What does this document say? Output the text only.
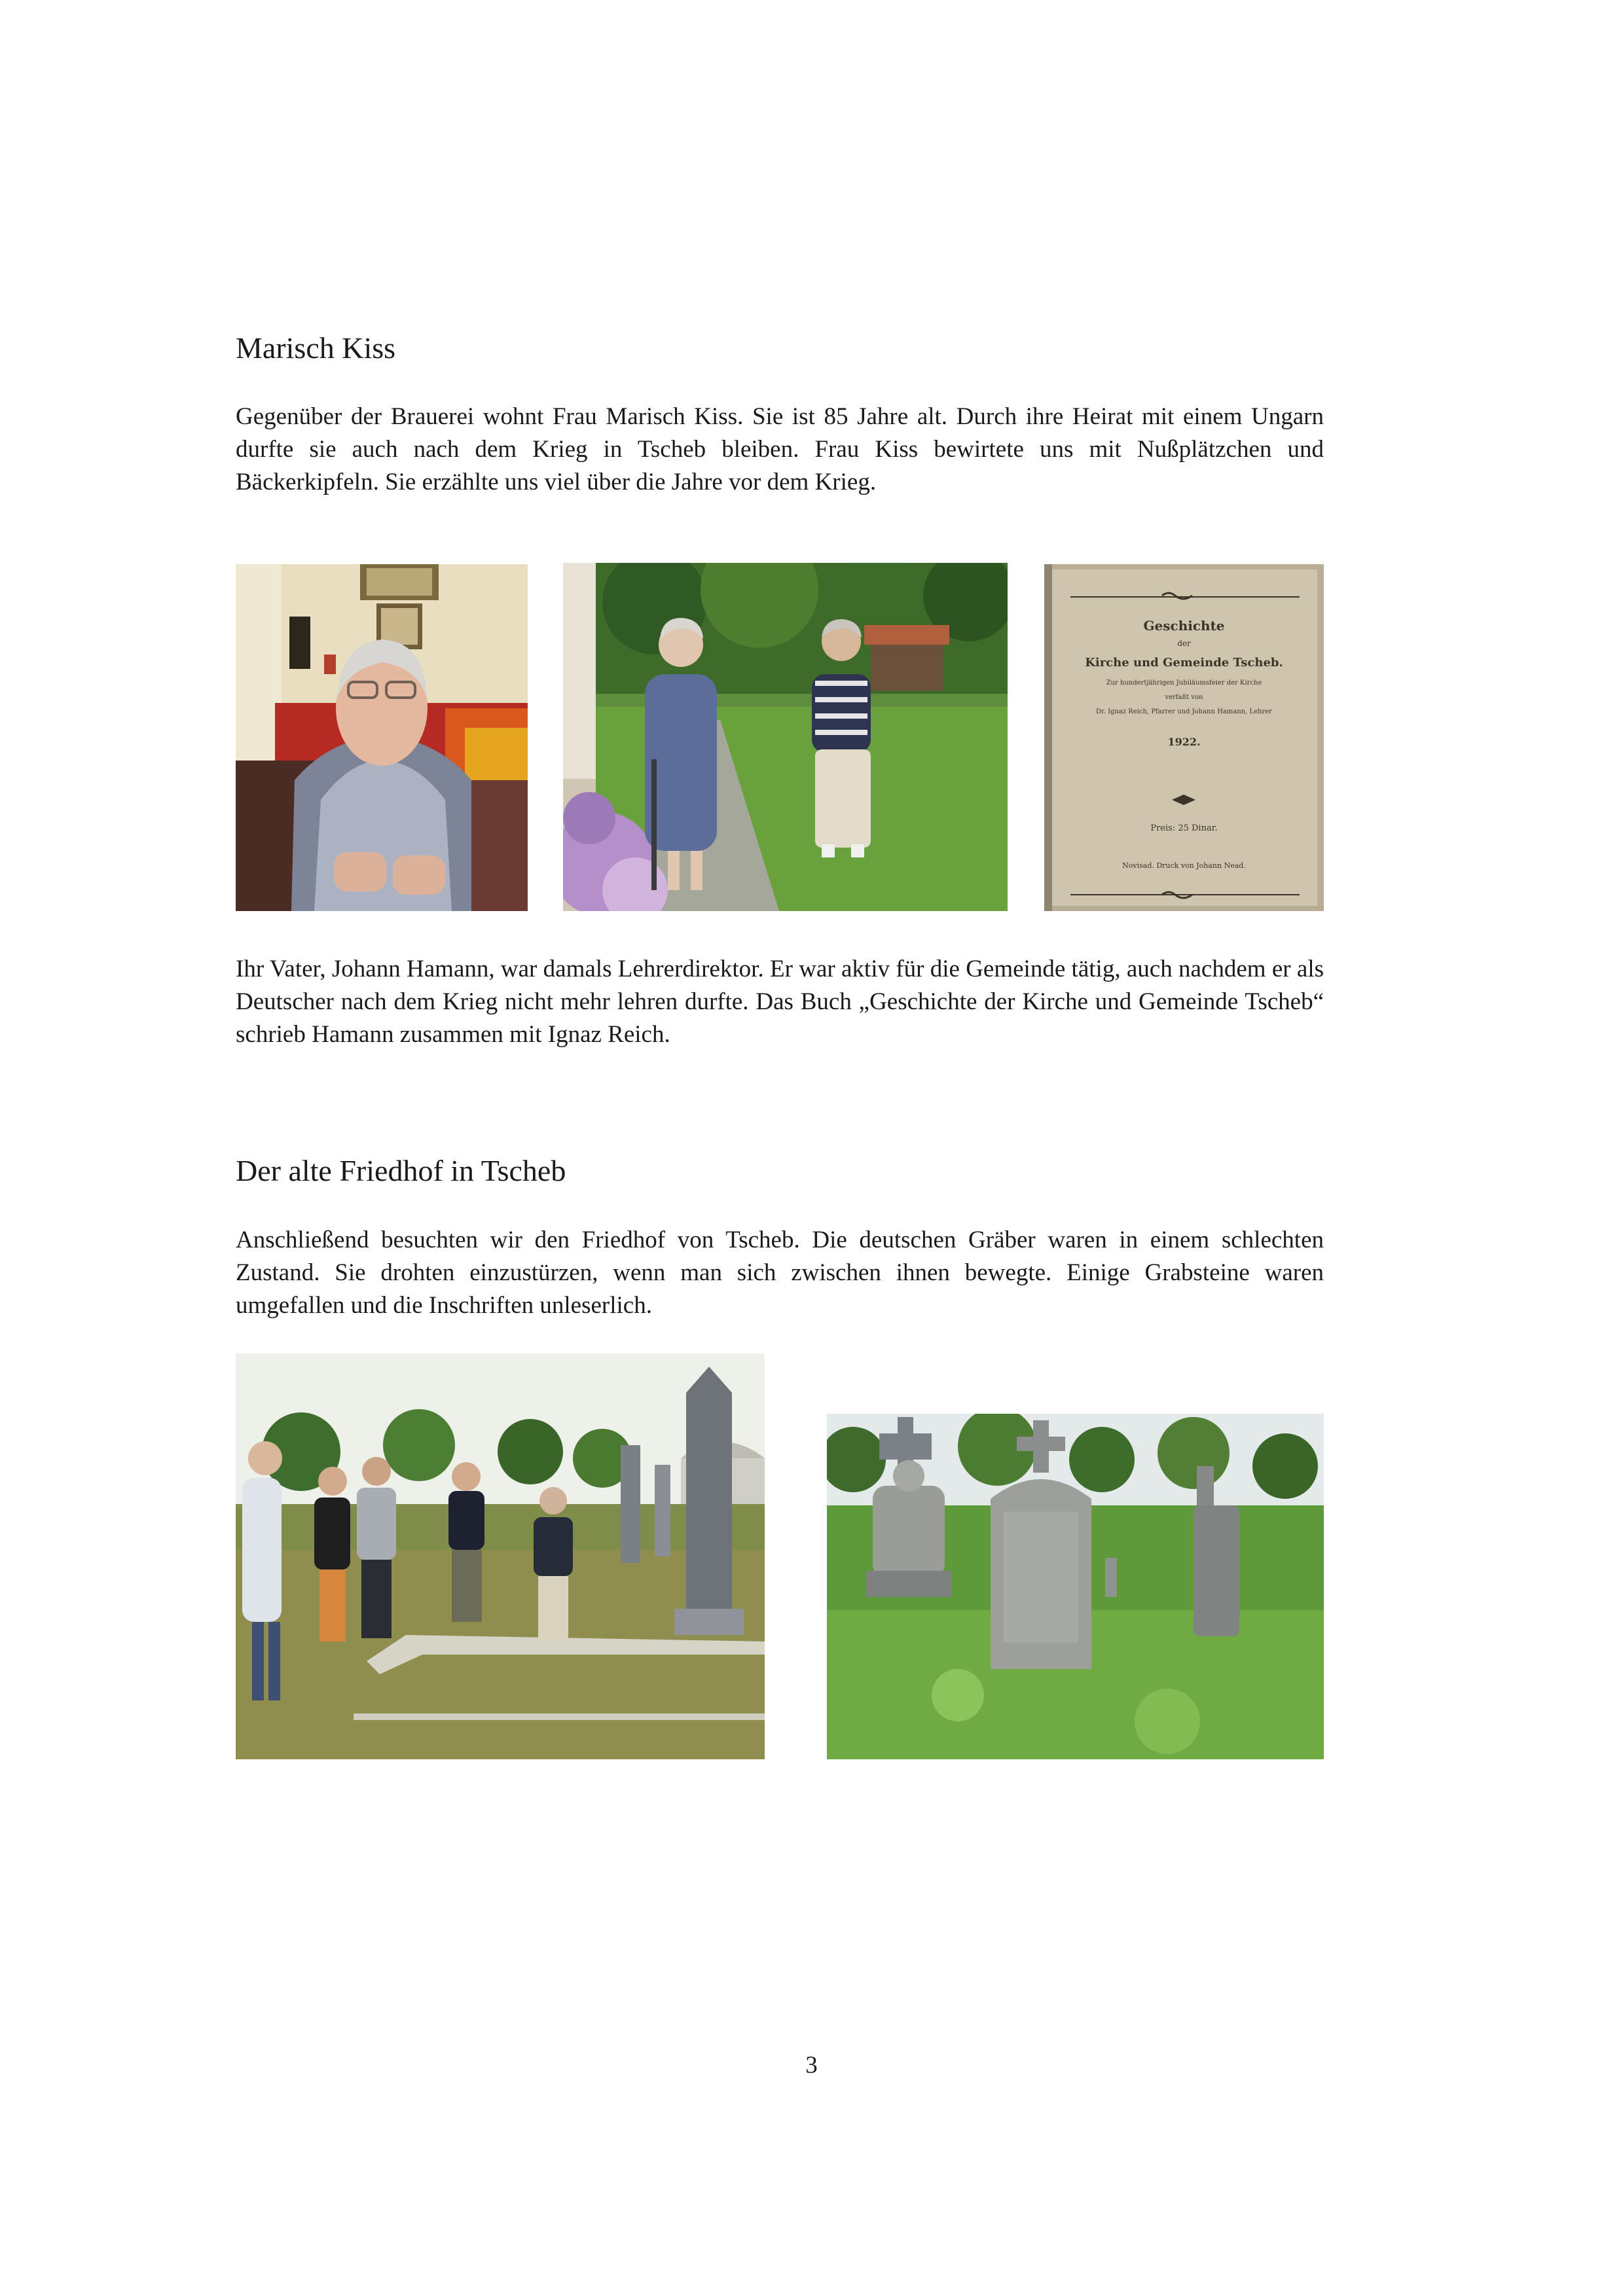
Marisch Kiss

Gegenüber der Brauerei wohnt Frau Marisch Kiss. Sie ist 85 Jahre alt. Durch ihre Heirat mit einem Ungarn durfte sie auch nach dem Krieg in Tscheb bleiben. Frau Kiss bewirtete uns mit Nußplätzchen und Bäckerkipfeln. Sie erzählte uns viel über die Jahre vor dem Krieg.

Geschichte
der
Kirche und Gemeinde Tscheb.
Zur hundertjährigen Jubiläumsfeier der Kirche
verfaßt von
Dr. Ignaz Reich, Pfarrer und Johann Hamann, Lehrer
1922.
Preis: 25 Dinar.
Novisad. Druck von Johann Nead.

Ihr Vater, Johann Hamann, war damals Lehrerdirektor. Er war aktiv für die Gemeinde tätig, auch nachdem er als Deutscher nach dem Krieg nicht mehr lehren durfte. Das Buch „Geschichte der Kirche und Gemeinde Tscheb“ schrieb Hamann zusammen mit Ignaz Reich.

Der alte Friedhof in Tscheb

Anschließend besuchten wir den Friedhof von Tscheb. Die deutschen Gräber waren in einem schlechten Zustand. Sie drohten einzustürzen, wenn man sich zwischen ihnen bewegte. Einige Grabsteine waren umgefallen und die Inschriften unleserlich.

3
